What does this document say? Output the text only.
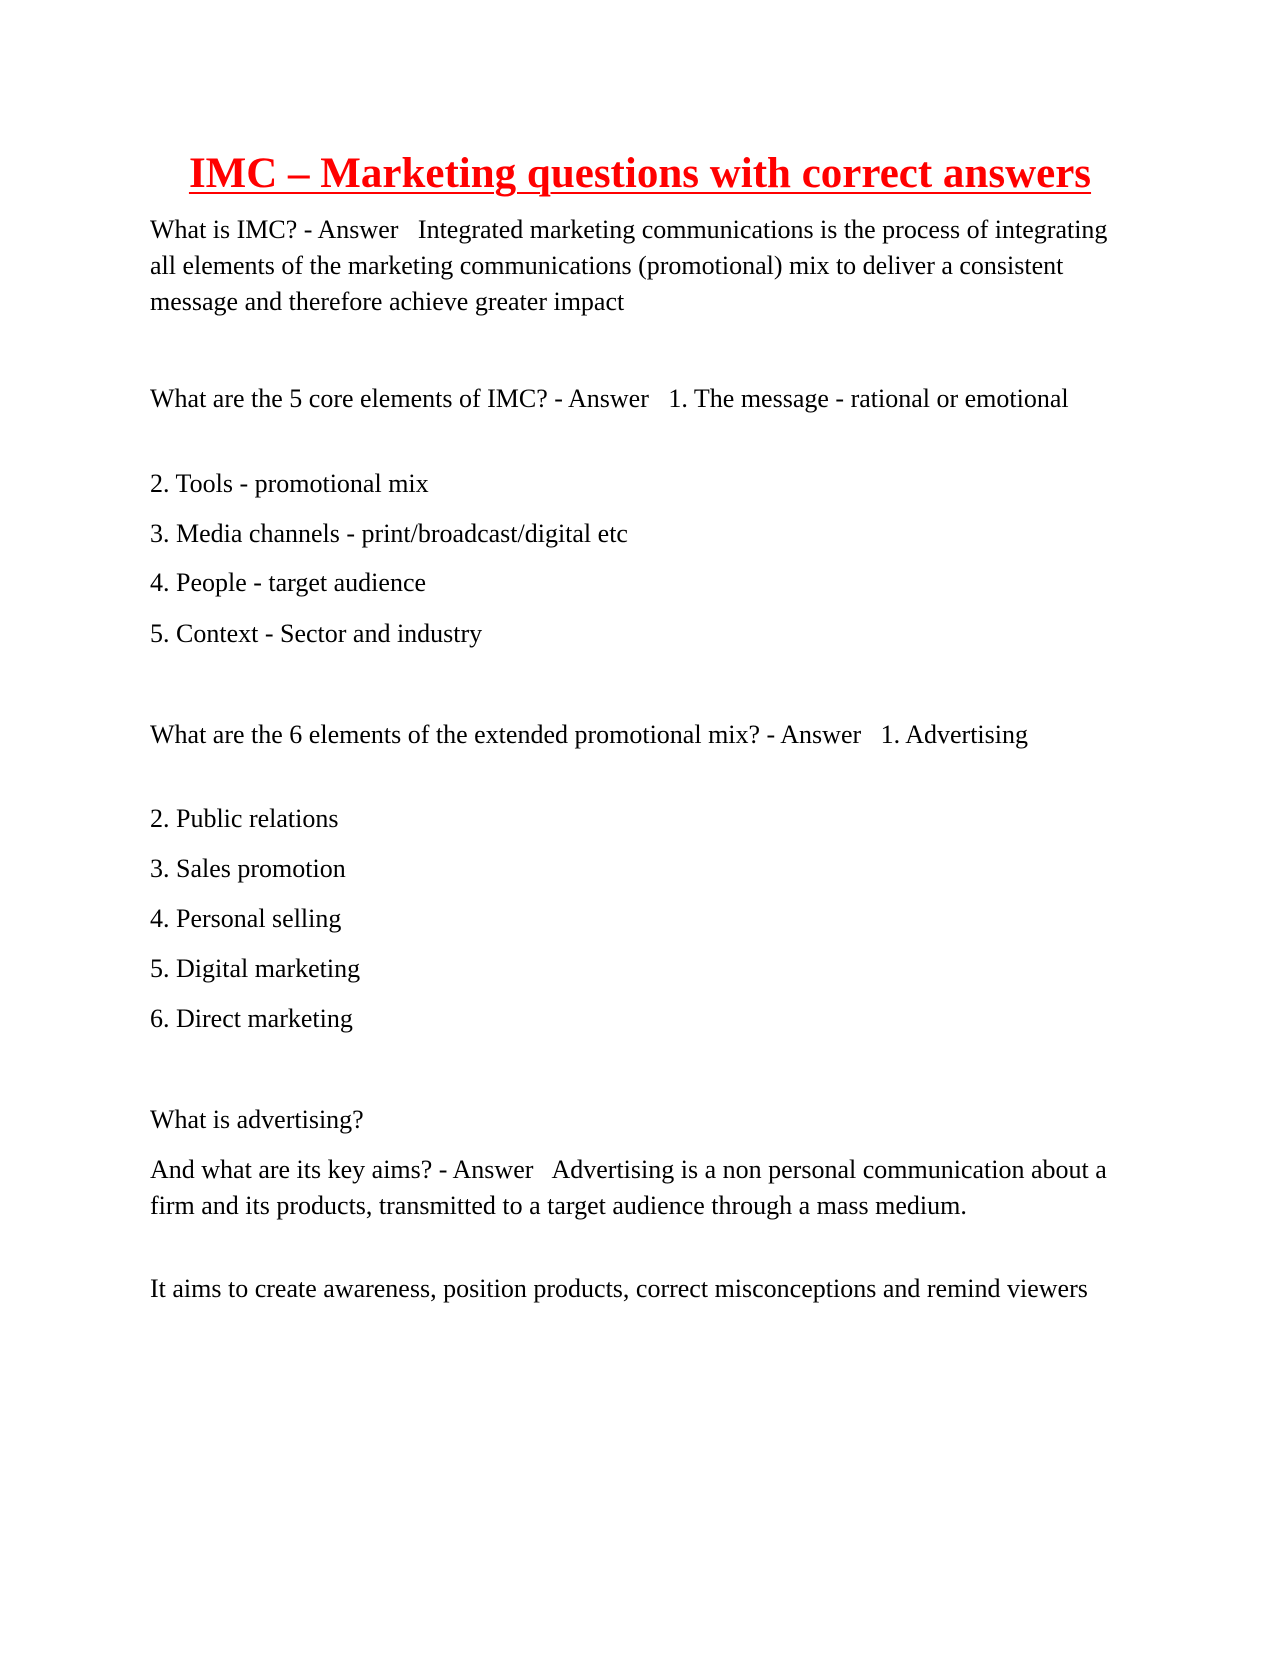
IMC – Marketing questions with correct answers

What is IMC? - Answer Integrated marketing communications is the process of integrating all elements of the marketing communications (promotional) mix to deliver a consistent message and therefore achieve greater impact

What are the 5 core elements of IMC? - Answer 1. The message - rational or emotional

2. Tools - promotional mix

3. Media channels - print/broadcast/digital etc

4. People - target audience

5. Context - Sector and industry

What are the 6 elements of the extended promotional mix? - Answer 1. Advertising

2. Public relations

3. Sales promotion

4. Personal selling

5. Digital marketing

6. Direct marketing

What is advertising?

And what are its key aims? - Answer Advertising is a non personal communication about a firm and its products, transmitted to a target audience through a mass medium.

It aims to create awareness, position products, correct misconceptions and remind viewers
